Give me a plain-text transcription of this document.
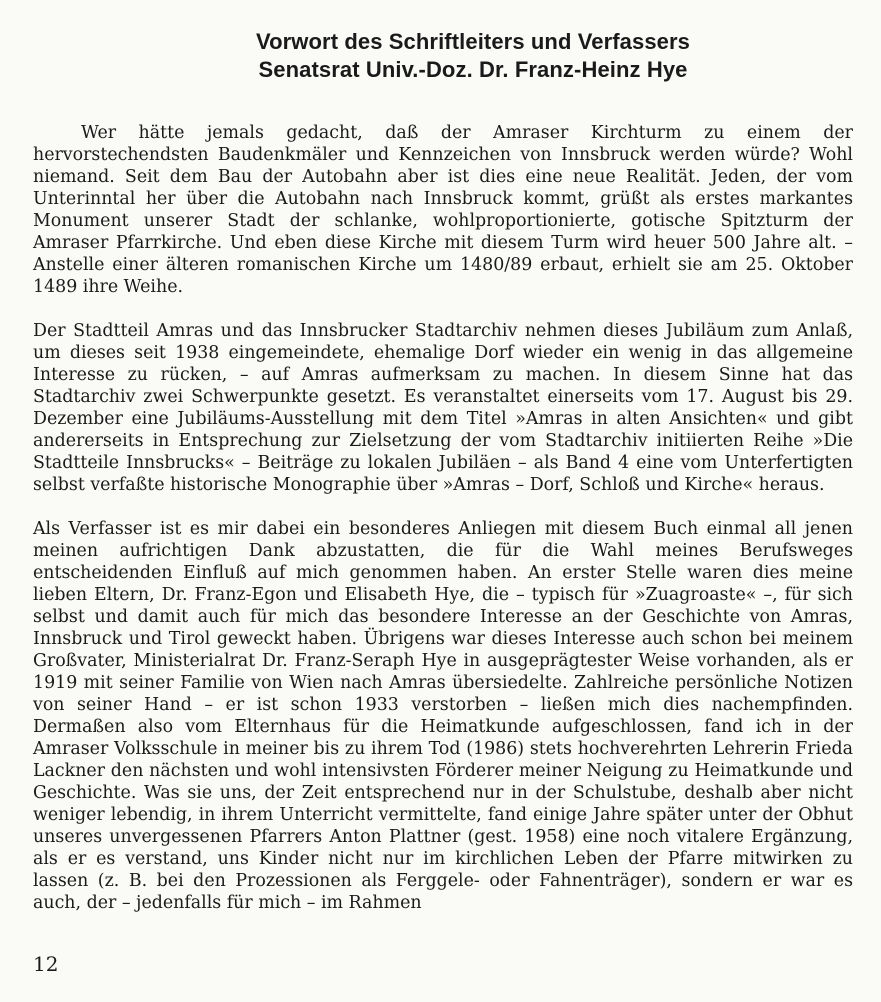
Vorwort des Schriftleiters und Verfassers
Senatsrat Univ.-Doz. Dr. Franz-Heinz Hye

Wer hätte jemals gedacht, daß der Amraser Kirchturm zu einem der hervorstechendsten Baudenkmäler und Kennzeichen von Innsbruck werden würde? Wohl niemand. Seit dem Bau der Autobahn aber ist dies eine neue Realität. Jeden, der vom Unterinntal her über die Autobahn nach Innsbruck kommt, grüßt als erstes markantes Monument unserer Stadt der schlanke, wohlproportionierte, gotische Spitzturm der Amraser Pfarrkirche. Und eben diese Kirche mit diesem Turm wird heuer 500 Jahre alt. – Anstelle einer älteren romanischen Kirche um 1480/89 erbaut, erhielt sie am 25. Oktober 1489 ihre Weihe.

Der Stadtteil Amras und das Innsbrucker Stadtarchiv nehmen dieses Jubiläum zum Anlaß, um dieses seit 1938 eingemeindete, ehemalige Dorf wieder ein wenig in das allgemeine Interesse zu rücken, – auf Amras aufmerksam zu machen. In diesem Sinne hat das Stadtarchiv zwei Schwerpunkte gesetzt. Es veranstaltet einerseits vom 17. August bis 29. Dezember eine Jubiläums-Ausstellung mit dem Titel »Amras in alten Ansichten« und gibt andererseits in Entsprechung zur Zielsetzung der vom Stadtarchiv initiierten Reihe »Die Stadtteile Innsbrucks« – Beiträge zu lokalen Jubiläen – als Band 4 eine vom Unterfertigten selbst verfaßte historische Monographie über »Amras – Dorf, Schloß und Kirche« heraus.

Als Verfasser ist es mir dabei ein besonderes Anliegen mit diesem Buch einmal all jenen meinen aufrichtigen Dank abzustatten, die für die Wahl meines Berufsweges entscheidenden Einfluß auf mich genommen haben. An erster Stelle waren dies meine lieben Eltern, Dr. Franz-Egon und Elisabeth Hye, die – typisch für »Zuagroaste« –, für sich selbst und damit auch für mich das besondere Interesse an der Geschichte von Amras, Innsbruck und Tirol geweckt haben. Übrigens war dieses Interesse auch schon bei meinem Großvater, Ministerialrat Dr. Franz-Seraph Hye in ausgeprägtester Weise vorhanden, als er 1919 mit seiner Familie von Wien nach Amras übersiedelte. Zahlreiche persönliche Notizen von seiner Hand – er ist schon 1933 verstorben – ließen mich dies nachempfinden. Dermaßen also vom Elternhaus für die Heimatkunde aufgeschlossen, fand ich in der Amraser Volksschule in meiner bis zu ihrem Tod (1986) stets hochverehrten Lehrerin Frieda Lackner den nächsten und wohl intensivsten Förderer meiner Neigung zu Heimatkunde und Geschichte. Was sie uns, der Zeit entsprechend nur in der Schulstube, deshalb aber nicht weniger lebendig, in ihrem Unterricht vermittelte, fand einige Jahre später unter der Obhut unseres unvergessenen Pfarrers Anton Plattner (gest. 1958) eine noch vitalere Ergänzung, als er es verstand, uns Kinder nicht nur im kirchlichen Leben der Pfarre mitwirken zu lassen (z. B. bei den Prozessionen als Ferggele- oder Fahnenträger), sondern er war es auch, der – jedenfalls für mich – im Rahmen

12
